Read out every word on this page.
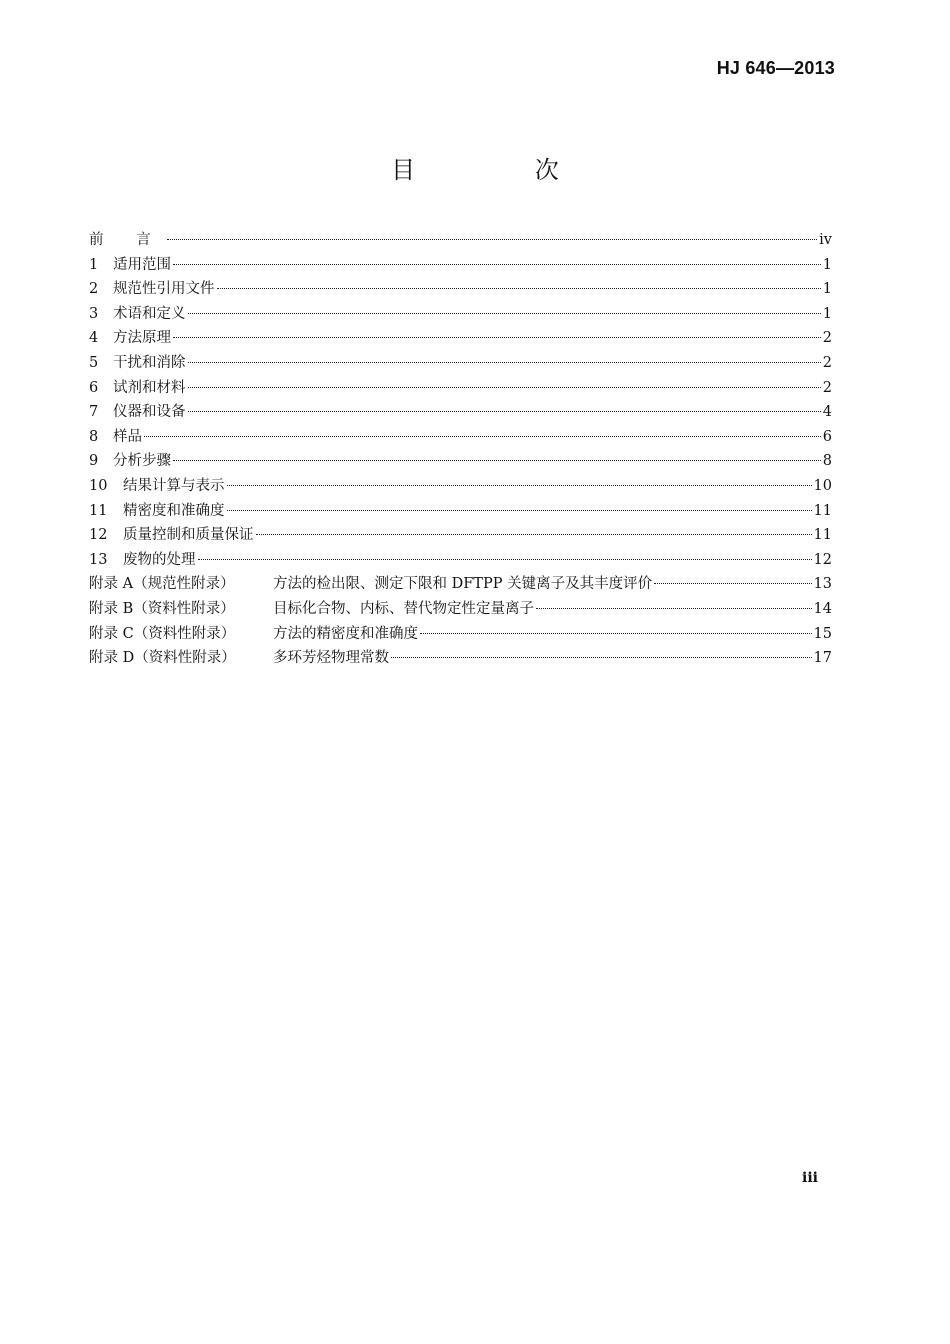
HJ 646—2013
目 次
前 言	iv
1	适用范围	1
2	规范性引用文件	1
3	术语和定义	1
4	方法原理	2
5	干扰和消除	2
6	试剂和材料	2
7	仪器和设备	4
8	样品	6
9	分析步骤	8
10	结果计算与表示	10
11	精密度和准确度	11
12	质量控制和质量保证	11
13	废物的处理	12
附录 A（规范性附录）	方法的检出限、测定下限和 DFTPP 关键离子及其丰度评价	13
附录 B（资料性附录）	目标化合物、内标、替代物定性定量离子	14
附录 C（资料性附录）	方法的精密度和准确度	15
附录 D（资料性附录）	多环芳烃物理常数	17
iii
